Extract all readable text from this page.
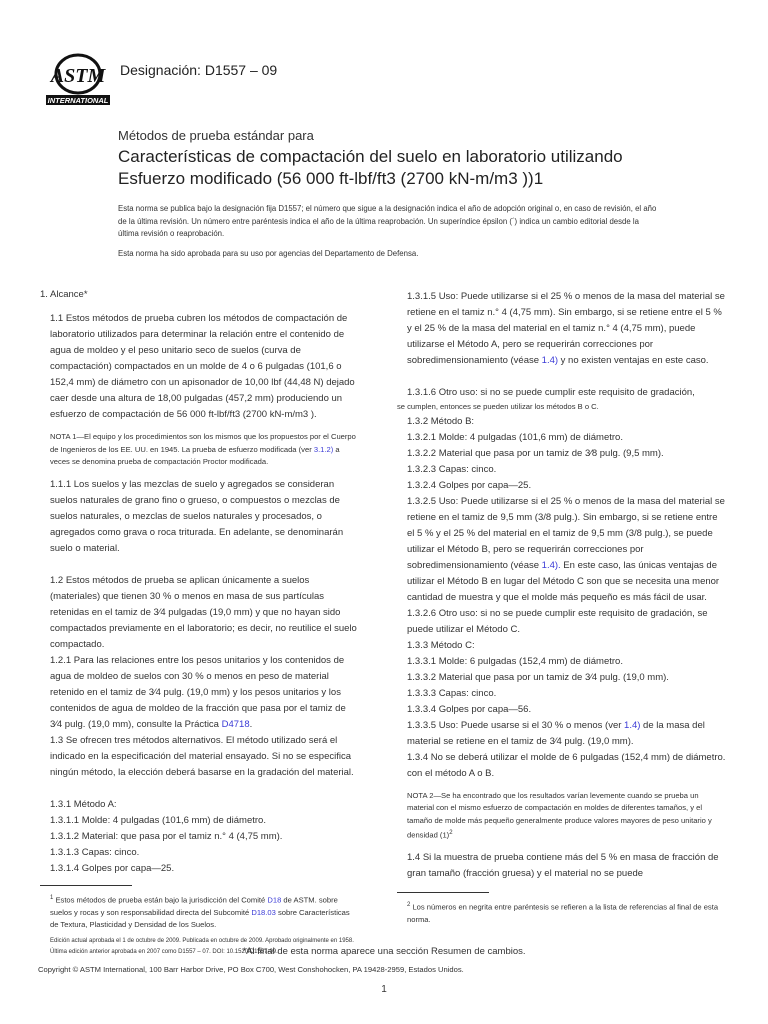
ASTM
INTERNATIONAL
Designación: D1557 – 09
Métodos de prueba estándar para
Características de compactación del suelo en laboratorio utilizando
Esfuerzo modificado (56 000 ft-lbf/ft3 (2700 kN-m/m3 ))1
Esta norma se publica bajo la designación fija D1557; el número que sigue a la designación indica el año de adopción original o, en caso de revisión, el año de la última revisión. Un número entre paréntesis indica el año de la última reaprobación. Un superíndice épsilon (´) indica un cambio editorial desde la última revisión o reaprobación.
Esta norma ha sido aprobada para su uso por agencias del Departamento de Defensa.

1. Alcance*

1.1 Estos métodos de prueba cubren los métodos de compactación de laboratorio utilizados para determinar la relación entre el contenido de agua de moldeo y el peso unitario seco de suelos (curva de compactación) compactados en un molde de 4 o 6 pulgadas (101,6 o 152,4 mm) de diámetro con un apisonador de 10,00 lbf (44,48 N) dejado caer desde una altura de 18,00 pulgadas (457,2 mm) produciendo un esfuerzo de compactación de 56 000 ft-lbf/ft3 (2700 kN-m/m3 ).

NOTA 1—El equipo y los procedimientos son los mismos que los propuestos por el Cuerpo de Ingenieros de los EE. UU. en 1945. La prueba de esfuerzo modificada (ver 3.1.2) a veces se denomina prueba de compactación Proctor modificada.

1.1.1 Los suelos y las mezclas de suelo y agregados se consideran suelos naturales de grano fino o grueso, o compuestos o mezclas de suelos naturales, o mezclas de suelos naturales y procesados, o agregados como grava o roca triturada. En adelante, se denominarán suelo o material.

1.2 Estos métodos de prueba se aplican únicamente a suelos (materiales) que tienen 30 % o menos en masa de sus partículas retenidas en el tamiz de 3⁄4 pulgadas (19,0 mm) y que no hayan sido compactados previamente en el laboratorio; es decir, no reutilice el suelo compactado.

1.2.1 Para las relaciones entre los pesos unitarios y los contenidos de agua de moldeo de suelos con 30 % o menos en peso de material retenido en el tamiz de 3⁄4 pulg. (19,0 mm) y los pesos unitarios y los contenidos de agua de moldeo de la fracción que pasa por el tamiz de 3⁄4 pulg. (19,0 mm), consulte la Práctica D4718.

1.3 Se ofrecen tres métodos alternativos. El método utilizado será el indicado en la especificación del material ensayado. Si no se especifica ningún método, la elección deberá basarse en la gradación del material.

1.3.1 Método A:

1.3.1.1 Molde: 4 pulgadas (101,6 mm) de diámetro.

1.3.1.2 Material: que pasa por el tamiz n.° 4 (4,75 mm).

1.3.1.3 Capas: cinco.

1.3.1.4 Golpes por capa—25.

$^1$ Estos métodos de prueba están bajo la jurisdicción del Comité D18 de ASTM. sobre suelos y rocas y son responsabilidad directa del Subcomité D18.03 sobre Características de Textura, Plasticidad y Densidad de los Suelos.

Edición actual aprobada el 1 de octubre de 2009. Publicada en octubre de 2009. Aprobado originalmente en 1958. Última edición anterior aprobada en 2007 como D1557 – 07. DOI: 10.1520/D1557-09.

1.3.1.5 Uso: Puede utilizarse si el 25 % o menos de la masa del material se retiene en el tamiz n.° 4 (4,75 mm). Sin embargo, si se retiene entre el 5 % y el 25 % de la masa del material en el tamiz n.° 4 (4,75 mm), puede utilizarse el Método A, pero se requerirán correcciones por sobredimensionamiento (véase 1.4) y no existen ventajas en este caso.

1.3.1.6 Otro uso: si no se puede cumplir este requisito de gradación,

se cumplen, entonces se pueden utilizar los métodos B o C.

1.3.2 Método B:

1.3.2.1 Molde: 4 pulgadas (101,6 mm) de diámetro.

1.3.2.2 Material que pasa por un tamiz de 3⁄8 pulg. (9,5 mm).

1.3.2.3 Capas: cinco.

1.3.2.4 Golpes por capa—25.

1.3.2.5 Uso: Puede utilizarse si el 25 % o menos de la masa del material se retiene en el tamiz de 9,5 mm (3/8 pulg.). Sin embargo, si se retiene entre el 5 % y el 25 % del material en el tamiz de 9,5 mm (3/8 pulg.), se puede utilizar el Método B, pero se requerirán correcciones por sobredimensionamiento (véase 1.4). En este caso, las únicas ventajas de utilizar el Método B en lugar del Método C son que se necesita una menor cantidad de muestra y que el molde más pequeño es más fácil de usar.

1.3.2.6 Otro uso: si no se puede cumplir este requisito de gradación, se puede utilizar el Método C.

1.3.3 Método C:

1.3.3.1 Molde: 6 pulgadas (152,4 mm) de diámetro.

1.3.3.2 Material que pasa por un tamiz de 3⁄4 pulg. (19,0 mm).

1.3.3.3 Capas: cinco.

1.3.3.4 Golpes por capa—56.

1.3.3.5 Uso: Puede usarse si el 30 % o menos (ver 1.4) de la masa del material se retiene en el tamiz de 3⁄4 pulg. (19,0 mm).

1.3.4 No se deberá utilizar el molde de 6 pulgadas (152,4 mm) de diámetro. con el método A o B.

NOTA 2—Se ha encontrado que los resultados varían levemente cuando se prueba un material con el mismo esfuerzo de compactación en moldes de diferentes tamaños, y el tamaño de molde más pequeño generalmente produce valores mayores de peso unitario y densidad $(1)^2$

1.4 Si la muestra de prueba contiene más del 5 % en masa de fracción de gran tamaño (fracción gruesa) y el material no se puede

$^2$ Los números en negrita entre paréntesis se refieren a la lista de referencias al final de esta norma.

*Al final de esta norma aparece una sección Resumen de cambios.
Copyright © ASTM International, 100 Barr Harbor Drive, PO Box C700, West Conshohocken, PA 19428-2959, Estados Unidos.
1
